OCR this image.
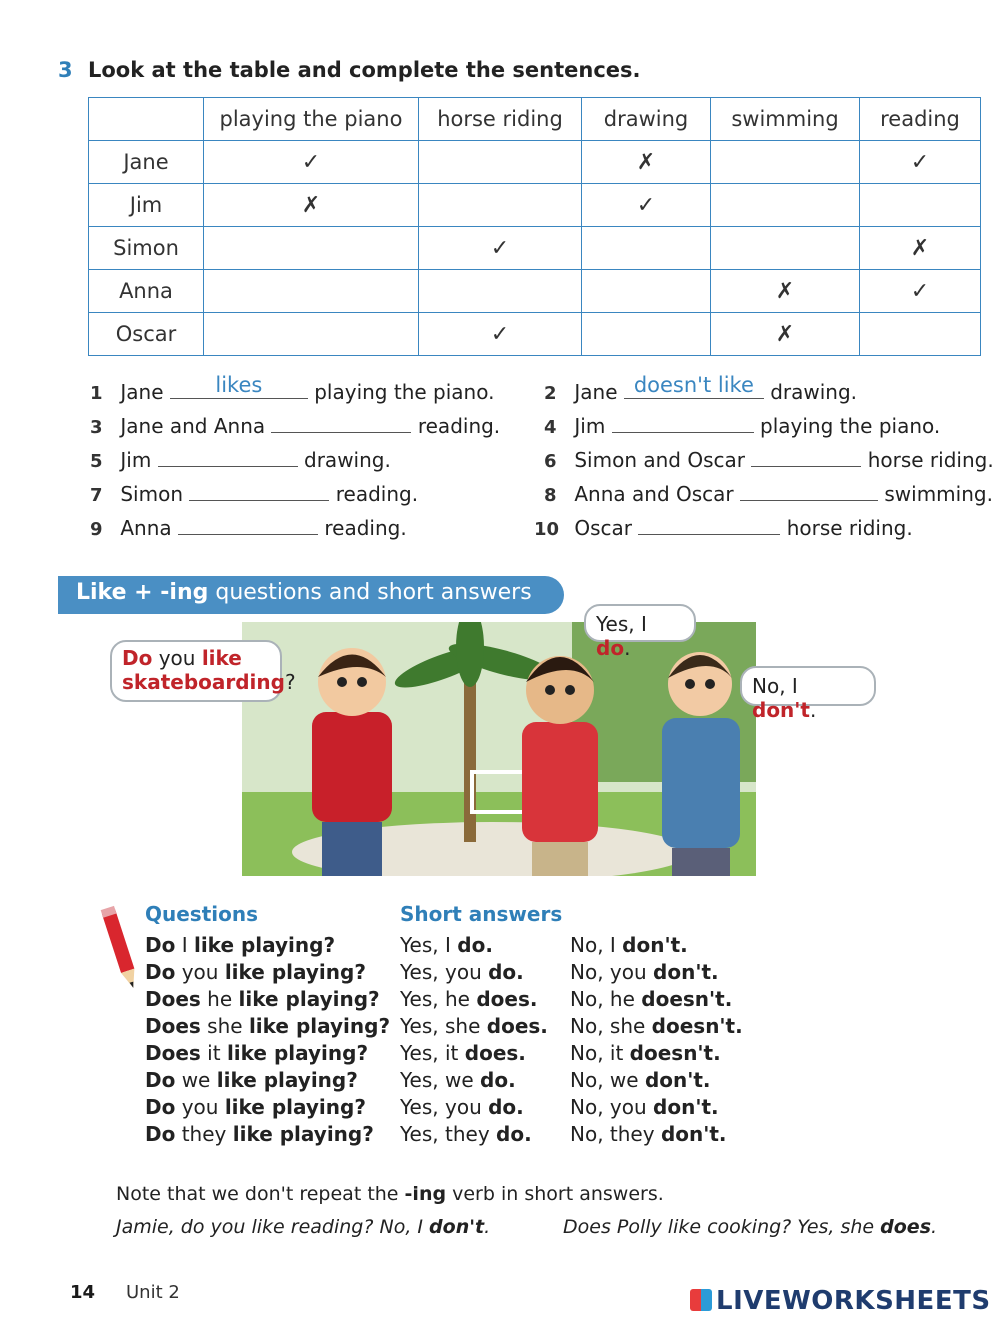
3 Look at the table and complete the sentences.
	playing the piano	horse riding	drawing	swimming	reading
Jane	✓		✗		✓
Jim	✗		✓		
Simon		✓			✗
Anna				✗	✓
Oscar		✓		✗	
1 Jane	likes	playing the piano.	2 Jane doesn't like drawing.
3 Jane and Anna	reading. 4 Jim	playing the piano.
5 Jim	drawing.	6 Simon and Oscar	horse riding.
7 Simon	reading.	8 Anna and Oscar	swimming.
9 Anna	reading.	10 Oscar	horse riding.
Like + -ing questions and short answers
Do you like
skateboarding?
Yes, I do.
No, I don't.
Questions	Short answers
Do I like playing?	Yes, I do.	No, I don't.
Do you like playing? Yes, you do. No, you don't.
Does he like playing? Yes, he does. No, he doesn't.
Does she like playing? Yes, she does. No, she doesn't.
Does it like playing? Yes, it does. No, it doesn't.
Do we like playing? Yes, we do.	No, we don't.
Do you like playing? Yes, you do. No, you don't.
Do they like playing? Yes, they do. No, they don't.
Note that we don't repeat the -ing verb in short answers.
Jamie, do you like reading? No, I don't.	Does Polly like cooking? Yes, she does.
14 Unit 2	LIVEWORKSHEETS
